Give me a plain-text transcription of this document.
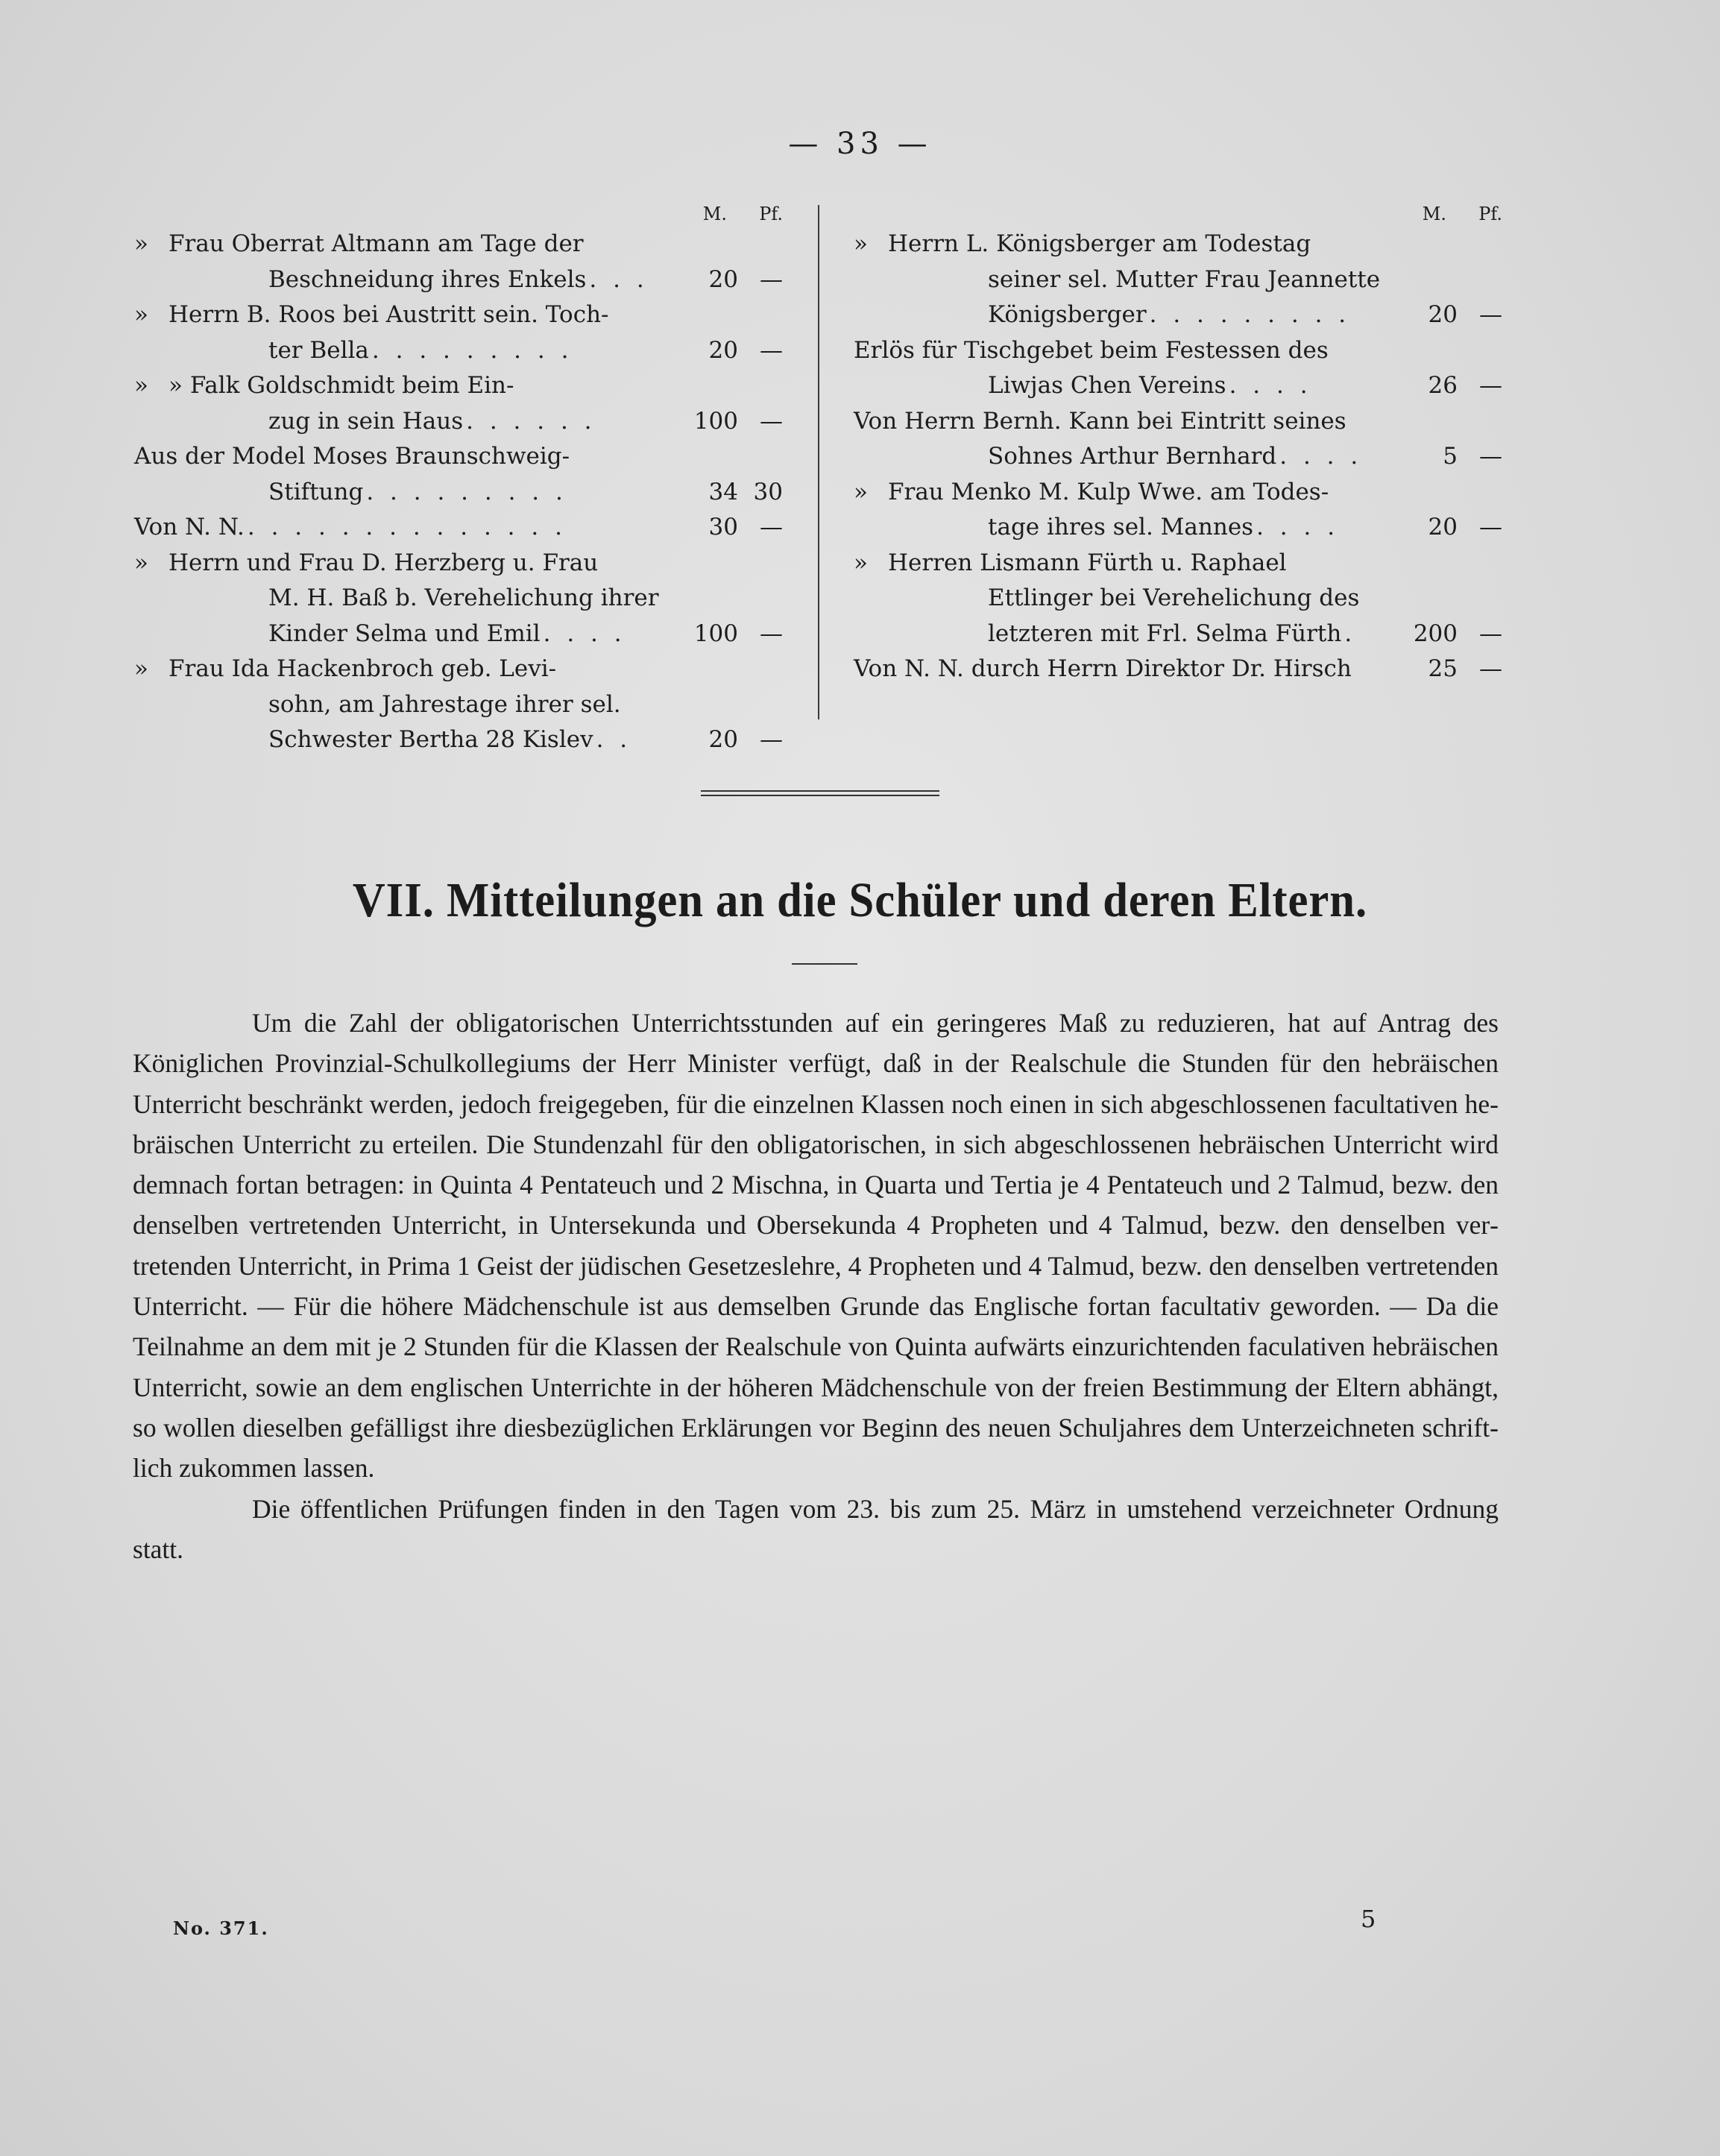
— 33 —
M.	Pf.
» Frau Oberrat Altmann am Tage der
Beschneidung ihres Enkels . . .	20 —
» Herrn B. Roos bei Austritt sein. Toch-
ter Bella . . . . . . . . .	20 —
» » Falk Goldschmidt beim Ein-
zug in sein Haus . . . . . .	100 —
Aus der Model Moses Braunschweig-
Stiftung . . . . . . . . .	34 30
Von N. N. . . . . . . . . . . . . . .	30 —
» Herrn und Frau D. Herzberg u. Frau
M. H. Baß b. Verehelichung ihrer
Kinder Selma und Emil . . . .	100 —
» Frau Ida Hackenbroch geb. Levi-
sohn, am Jahrestage ihrer sel.
Schwester Bertha 28 Kislev . .	20 —
M.	Pf.
» Herrn L. Königsberger am Todestag
seiner sel. Mutter Frau Jeannette
Königsberger . . . . . . . . .	20 —
Erlös für Tischgebet beim Festessen des
Liwjas Chen Vereins . . . .	26 —
Von Herrn Bernh. Kann bei Eintritt seines
Sohnes Arthur Bernhard . . . .	5 —
» Frau Menko M. Kulp Wwe. am Todes-
tage ihres sel. Mannes . . . .	20 —
» Herren Lismann Fürth u. Raphael
Ettlinger bei Verehelichung des
letzteren mit Frl. Selma Fürth .	200 —
Von N. N. durch Herrn Direktor Dr. Hirsch	25 —
VII. Mitteilungen an die Schüler und deren Eltern.

Um die Zahl der obligatorischen Unterrichtsstunden auf ein geringeres Maß zu reduzieren, hat auf Antrag des Königlichen Provinzial-Schulkollegiums der Herr Minister verfügt, daß in der Realschule die Stunden für den hebräischen Unterricht beschränkt werden, jedoch freigegeben, für die einzelnen Klassen noch einen in sich abgeschlossenen facultativen hebräischen Unterricht zu erteilen. Die Stundenzahl für den obligatorischen, in sich abgeschlossenen hebräischen Unterricht wird demnach fortan betragen: in Quinta 4 Pentateuch und 2 Mischna, in Quarta und Tertia je 4 Pentateuch und 2 Talmud, bezw. den denselben vertretenden Unterricht, in Untersekunda und Obersekunda 4 Propheten und 4 Talmud, bezw. den denselben vertretenden Unterricht, in Prima 1 Geist der jüdischen Gesetzeslehre, 4 Propheten und 4 Talmud, bezw. den denselben vertretenden Unterricht. — Für die höhere Mädchenschule ist aus demselben Grunde das Englische fortan facultativ geworden. — Da die Teilnahme an dem mit je 2 Stunden für die Klassen der Realschule von Quinta aufwärts einzurichtenden faculativen hebräischen Unterricht, sowie an dem englischen Unterrichte in der höheren Mädchenschule von der freien Bestimmung der Eltern abhängt, so wollen dieselben gefälligst ihre diesbezüglichen Erklärungen vor Beginn des neuen Schuljahres dem Unterzeichneten schriftlich zukommen lassen.

Die öffentlichen Prüfungen finden in den Tagen vom 23. bis zum 25. März in umstehend verzeichneter Ordnung statt.

No. 371.	5
